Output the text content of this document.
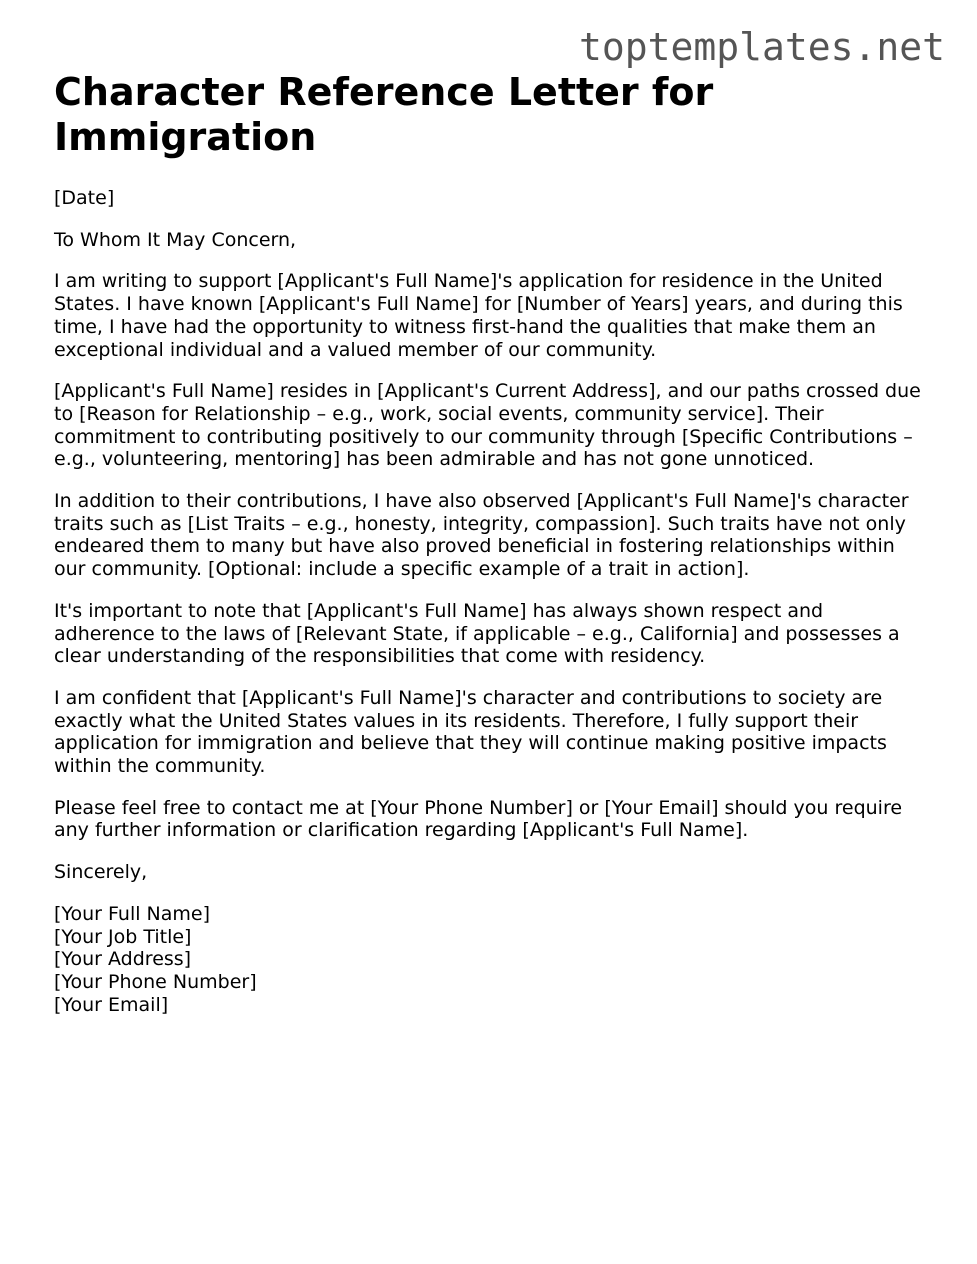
toptemplates.net
Character Reference Letter for Immigration

[Date]

To Whom It May Concern,

I am writing to support [Applicant's Full Name]'s application for residence in the United States. I have known [Applicant's Full Name] for [Number of Years] years, and during this time, I have had the opportunity to witness first-hand the qualities that make them an exceptional individual and a valued member of our community.

[Applicant's Full Name] resides in [Applicant's Current Address], and our paths crossed due to [Reason for Relationship – e.g., work, social events, community service]. Their commitment to contributing positively to our community through [Specific Contributions – e.g., volunteering, mentoring] has been admirable and has not gone unnoticed.

In addition to their contributions, I have also observed [Applicant's Full Name]'s character traits such as [List Traits – e.g., honesty, integrity, compassion]. Such traits have not only endeared them to many but have also proved beneficial in fostering relationships within our community. [Optional: include a specific example of a trait in action].

It's important to note that [Applicant's Full Name] has always shown respect and adherence to the laws of [Relevant State, if applicable – e.g., California] and possesses a clear understanding of the responsibilities that come with residency.

I am confident that [Applicant's Full Name]'s character and contributions to society are exactly what the United States values in its residents. Therefore, I fully support their application for immigration and believe that they will continue making positive impacts within the community.

Please feel free to contact me at [Your Phone Number] or [Your Email] should you require any further information or clarification regarding [Applicant's Full Name].

Sincerely,

[Your Full Name]
[Your Job Title]
[Your Address]
[Your Phone Number]
[Your Email]
